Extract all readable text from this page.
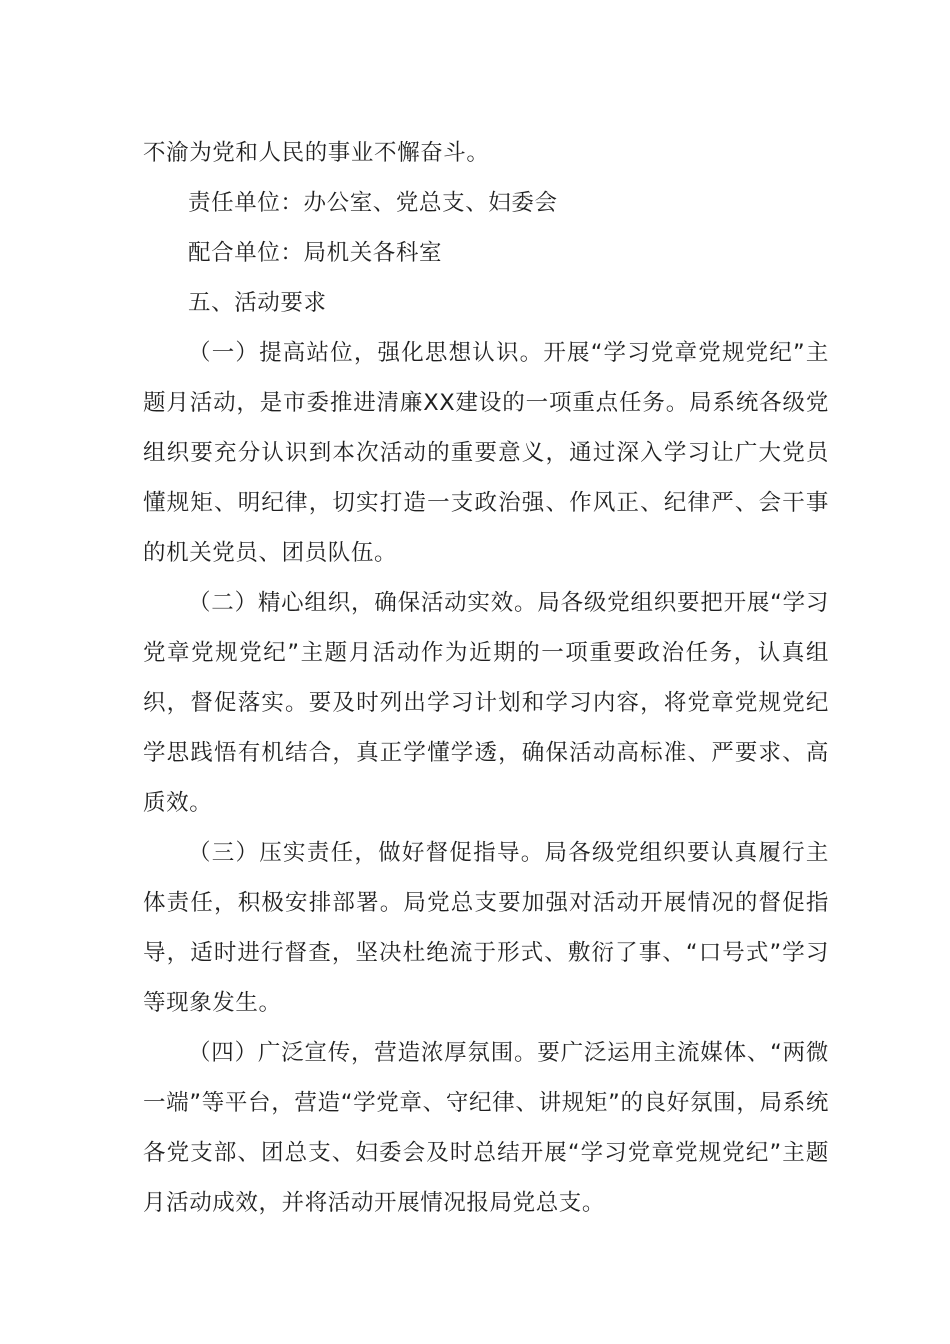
不渝为党和人民的事业不懈奋斗。

责任单位：办公室、党总支、妇委会

配合单位：局机关各科室

五、活动要求

（一）提高站位，强化思想认识。开展“学习党章党规党纪”主题月活动，是市委推进清廉XX建设的一项重点任务。局系统各级党组织要充分认识到本次活动的重要意义，通过深入学习让广大党员懂规矩、明纪律，切实打造一支政治强、作风正、纪律严、会干事的机关党员、团员队伍。

（二）精心组织，确保活动实效。局各级党组织要把开展“学习党章党规党纪”主题月活动作为近期的一项重要政治任务，认真组织，督促落实。要及时列出学习计划和学习内容，将党章党规党纪学思践悟有机结合，真正学懂学透，确保活动高标准、严要求、高质效。

（三）压实责任，做好督促指导。局各级党组织要认真履行主体责任，积极安排部署。局党总支要加强对活动开展情况的督促指导，适时进行督查，坚决杜绝流于形式、敷衍了事、“口号式”学习等现象发生。

（四）广泛宣传，营造浓厚氛围。要广泛运用主流媒体、“两微一端”等平台，营造“学党章、守纪律、讲规矩”的良好氛围，局系统各党支部、团总支、妇委会及时总结开展“学习党章党规党纪”主题月活动成效，并将活动开展情况报局党总支。
